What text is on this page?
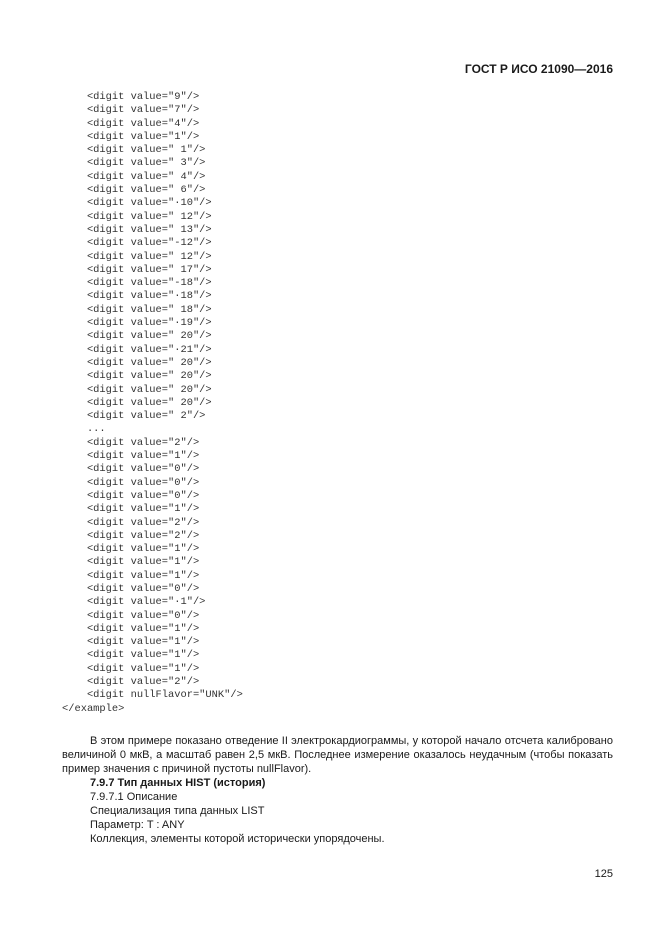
ГОСТ Р ИСО 21090—2016
<digit value="9"/>
<digit value="7"/>
<digit value="4"/>
<digit value="1"/>
<digit value=" 1"/>
<digit value=" 3"/>
<digit value=" 4"/>
<digit value=" 6"/>
<digit value="·10"/>
<digit value=" 12"/>
<digit value=" 13"/>
<digit value="-12"/>
<digit value=" 12"/>
<digit value=" 17"/>
<digit value="-18"/>
<digit value="·18"/>
<digit value=" 18"/>
<digit value="·19"/>
<digit value=" 20"/>
<digit value="·21"/>
<digit value=" 20"/>
<digit value=" 20"/>
<digit value=" 20"/>
<digit value=" 20"/>
<digit value=" 2"/>
...
<digit value="2"/>
<digit value="1"/>
<digit value="0"/>
<digit value="0"/>
<digit value="0"/>
<digit value="1"/>
<digit value="2"/>
<digit value="2"/>
<digit value="1"/>
<digit value="1"/>
<digit value="1"/>
<digit value="0"/>
<digit value="·1"/>
<digit value="0"/>
<digit value="1"/>
<digit value="1"/>
<digit value="1"/>
<digit value="1"/>
<digit value="2"/>
<digit nullFlavor="UNK"/>
</example>

В этом примере показано отведение II электрокардиограммы, у которой начало отсчета калибровано величиной 0 мкВ, а масштаб равен 2,5 мкВ. Последнее измерение оказалось неудачным (чтобы показать пример значения с причиной пустоты nullFlavor).

7.9.7 Тип данных HIST (история)

7.9.7.1 Описание

Специализация типа данных LIST

Параметр: T : ANY

Коллекция, элементы которой исторически упорядочены.

125
